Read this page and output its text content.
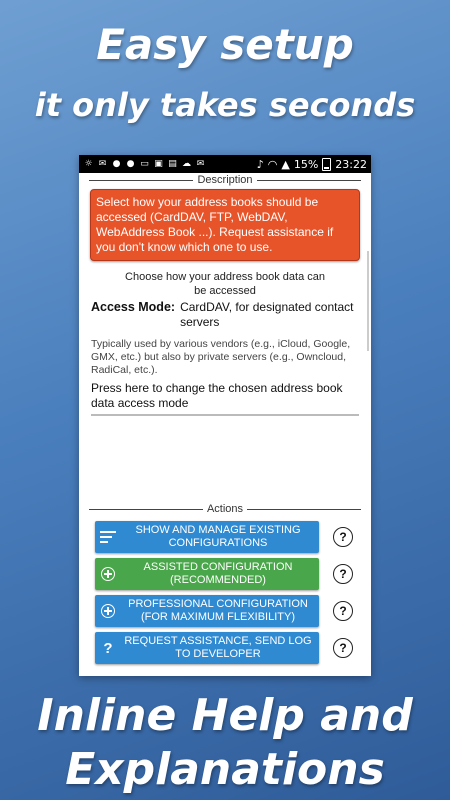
Easy setup
it only takes seconds
☼ ✉ ● ● ▭ ▣ ▤ ☁ ✉	♪ ◠ ▲ 15% 23:22
Description
Select how your address books should be accessed (CardDAV, FTP, WebDAV, WebAddress Book ...). Request assistance if you don't know which one to use.
Choose how your address book data can be accessed
Access Mode: CardDAV, for designated contact servers
Typically used by various vendors (e.g., iCloud, Google, GMX, etc.) but also by private servers (e.g., Owncloud, RadiCal, etc.).
Press here to change the chosen address book data access mode
Actions
SHOW AND MANAGE EXISTING CONFIGURATIONS	?
ASSISTED CONFIGURATION (RECOMMENDED)	?
PROFESSIONAL CONFIGURATION (FOR MAXIMUM FLEXIBILITY)	?
?	REQUEST ASSISTANCE, SEND LOG TO DEVELOPER	?
Inline Help and
Explanations
